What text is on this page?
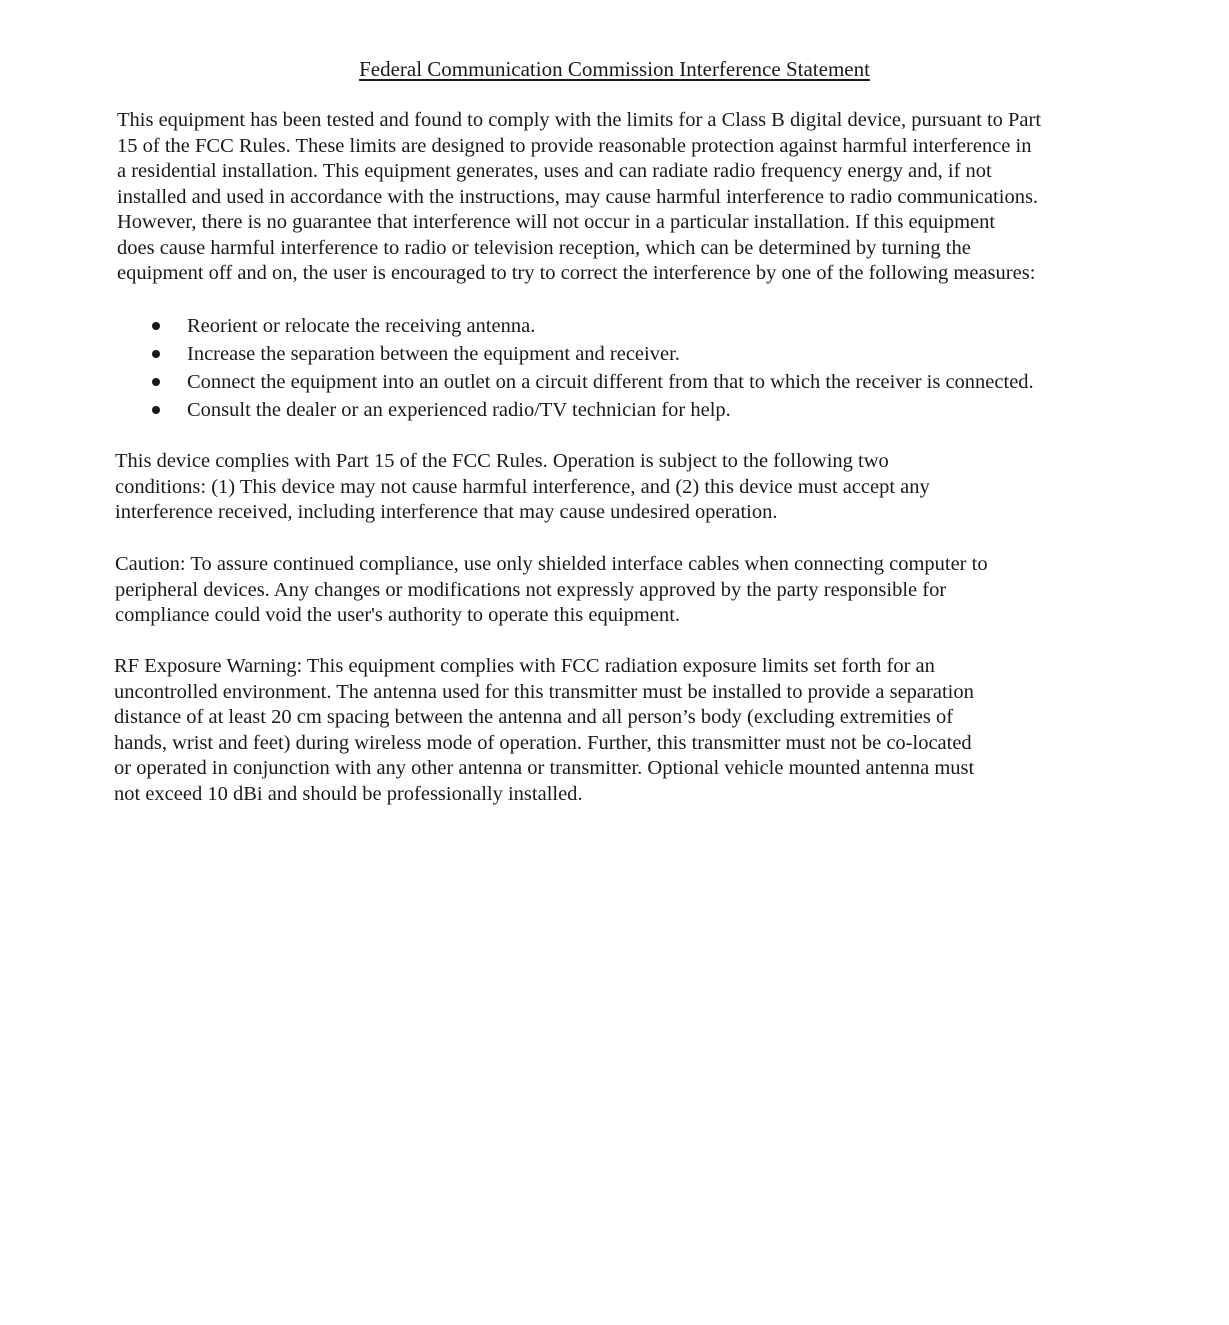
Federal Communication Commission Interference Statement

This equipment has been tested and found to comply with the limits for a Class B digital device, pursuant to Part
15 of the FCC Rules. These limits are designed to provide reasonable protection against harmful interference in
a residential installation. This equipment generates, uses and can radiate radio frequency energy and, if not
installed and used in accordance with the instructions, may cause harmful interference to radio communications.
However, there is no guarantee that interference will not occur in a particular installation. If this equipment
does cause harmful interference to radio or television reception, which can be determined by turning the
equipment off and on, the user is encouraged to try to correct the interference by one of the following measures:

Reorient or relocate the receiving antenna.
Increase the separation between the equipment and receiver.
Connect the equipment into an outlet on a circuit different from that to which the receiver is connected.
Consult the dealer or an experienced radio/TV technician for help.

This device complies with Part 15 of the FCC Rules. Operation is subject to the following two
conditions: (1) This device may not cause harmful interference, and (2) this device must accept any
interference received, including interference that may cause undesired operation.

Caution: To assure continued compliance, use only shielded interface cables when connecting computer to
peripheral devices. Any changes or modifications not expressly approved by the party responsible for
compliance could void the user's authority to operate this equipment.

RF Exposure Warning: This equipment complies with FCC radiation exposure limits set forth for an
uncontrolled environment. The antenna used for this transmitter must be installed to provide a separation
distance of at least 20 cm spacing between the antenna and all person’s body (excluding extremities of
hands, wrist and feet) during wireless mode of operation. Further, this transmitter must not be co-located
or operated in conjunction with any other antenna or transmitter. Optional vehicle mounted antenna must
not exceed 10 dBi and should be professionally installed.
